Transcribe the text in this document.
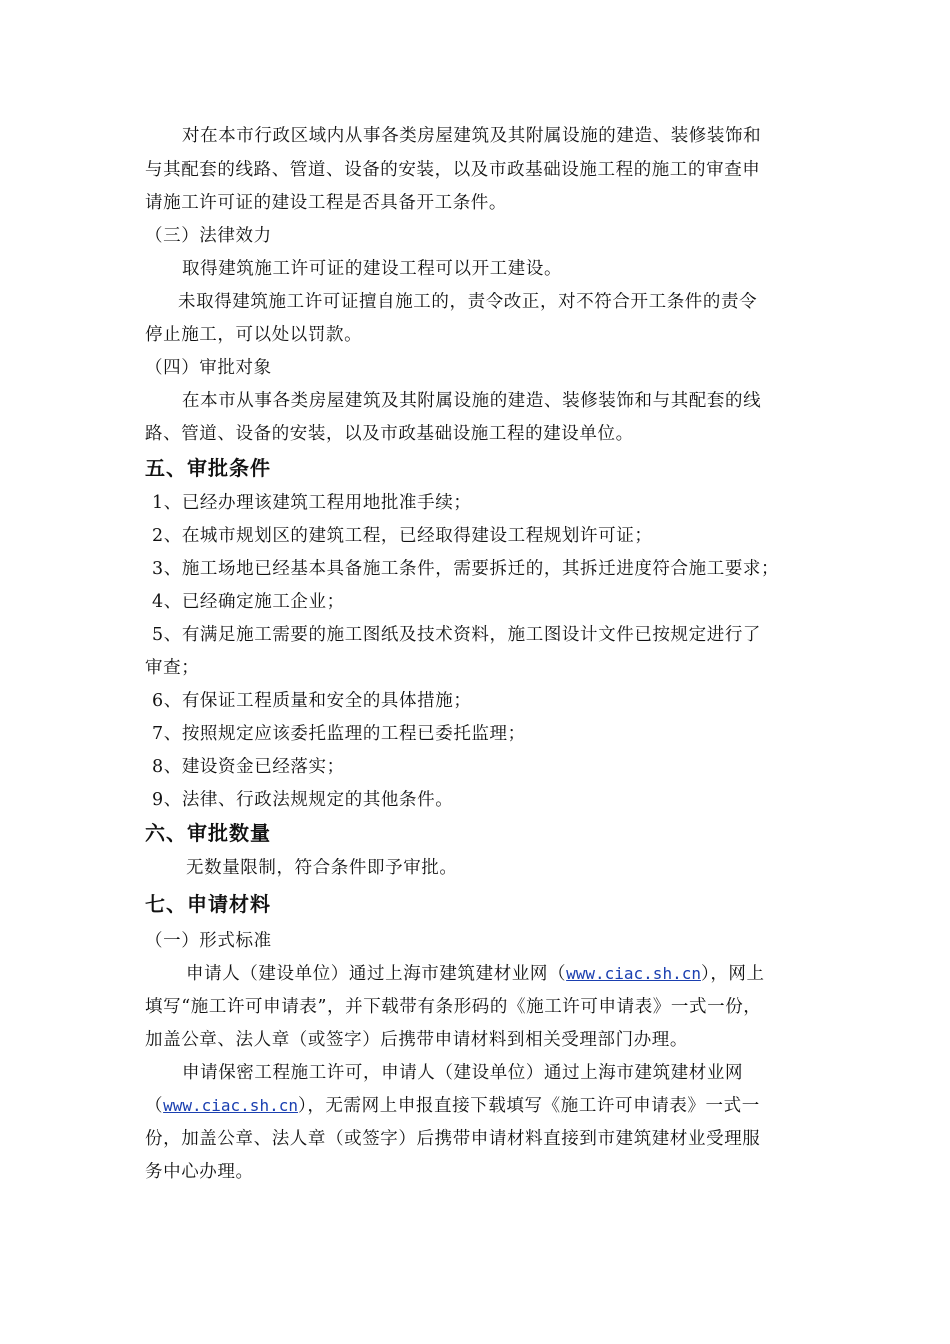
对在本市行政区域内从事各类房屋建筑及其附属设施的建造、装修装饰和
与其配套的线路、管道、设备的安装，以及市政基础设施工程的施工的审查申
请施工许可证的建设工程是否具备开工条件。
（三）法律效力
取得建筑施工许可证的建设工程可以开工建设。
未取得建筑施工许可证擅自施工的，责令改正，对不符合开工条件的责令
停止施工，可以处以罚款。
（四）审批对象
在本市从事各类房屋建筑及其附属设施的建造、装修装饰和与其配套的线
路、管道、设备的安装，以及市政基础设施工程的建设单位。
五、审批条件
1、已经办理该建筑工程用地批准手续；
2、在城市规划区的建筑工程，已经取得建设工程规划许可证；
3、施工场地已经基本具备施工条件，需要拆迁的，其拆迁进度符合施工要求；
4、已经确定施工企业；
5、有满足施工需要的施工图纸及技术资料，施工图设计文件已按规定进行了
审查；
6、有保证工程质量和安全的具体措施；
7、按照规定应该委托监理的工程已委托监理；
8、建设资金已经落实；
9、法律、行政法规规定的其他条件。
六、审批数量
无数量限制，符合条件即予审批。
七、申请材料
（一）形式标准
申请人（建设单位）通过上海市建筑建材业网（www.ciac.sh.cn），网上
填写“施工许可申请表”，并下载带有条形码的《施工许可申请表》一式一份，
加盖公章、法人章（或签字）后携带申请材料到相关受理部门办理。
申请保密工程施工许可，申请人（建设单位）通过上海市建筑建材业网
（www.ciac.sh.cn），无需网上申报直接下载填写《施工许可申请表》一式一
份，加盖公章、法人章（或签字）后携带申请材料直接到市建筑建材业受理服
务中心办理。
